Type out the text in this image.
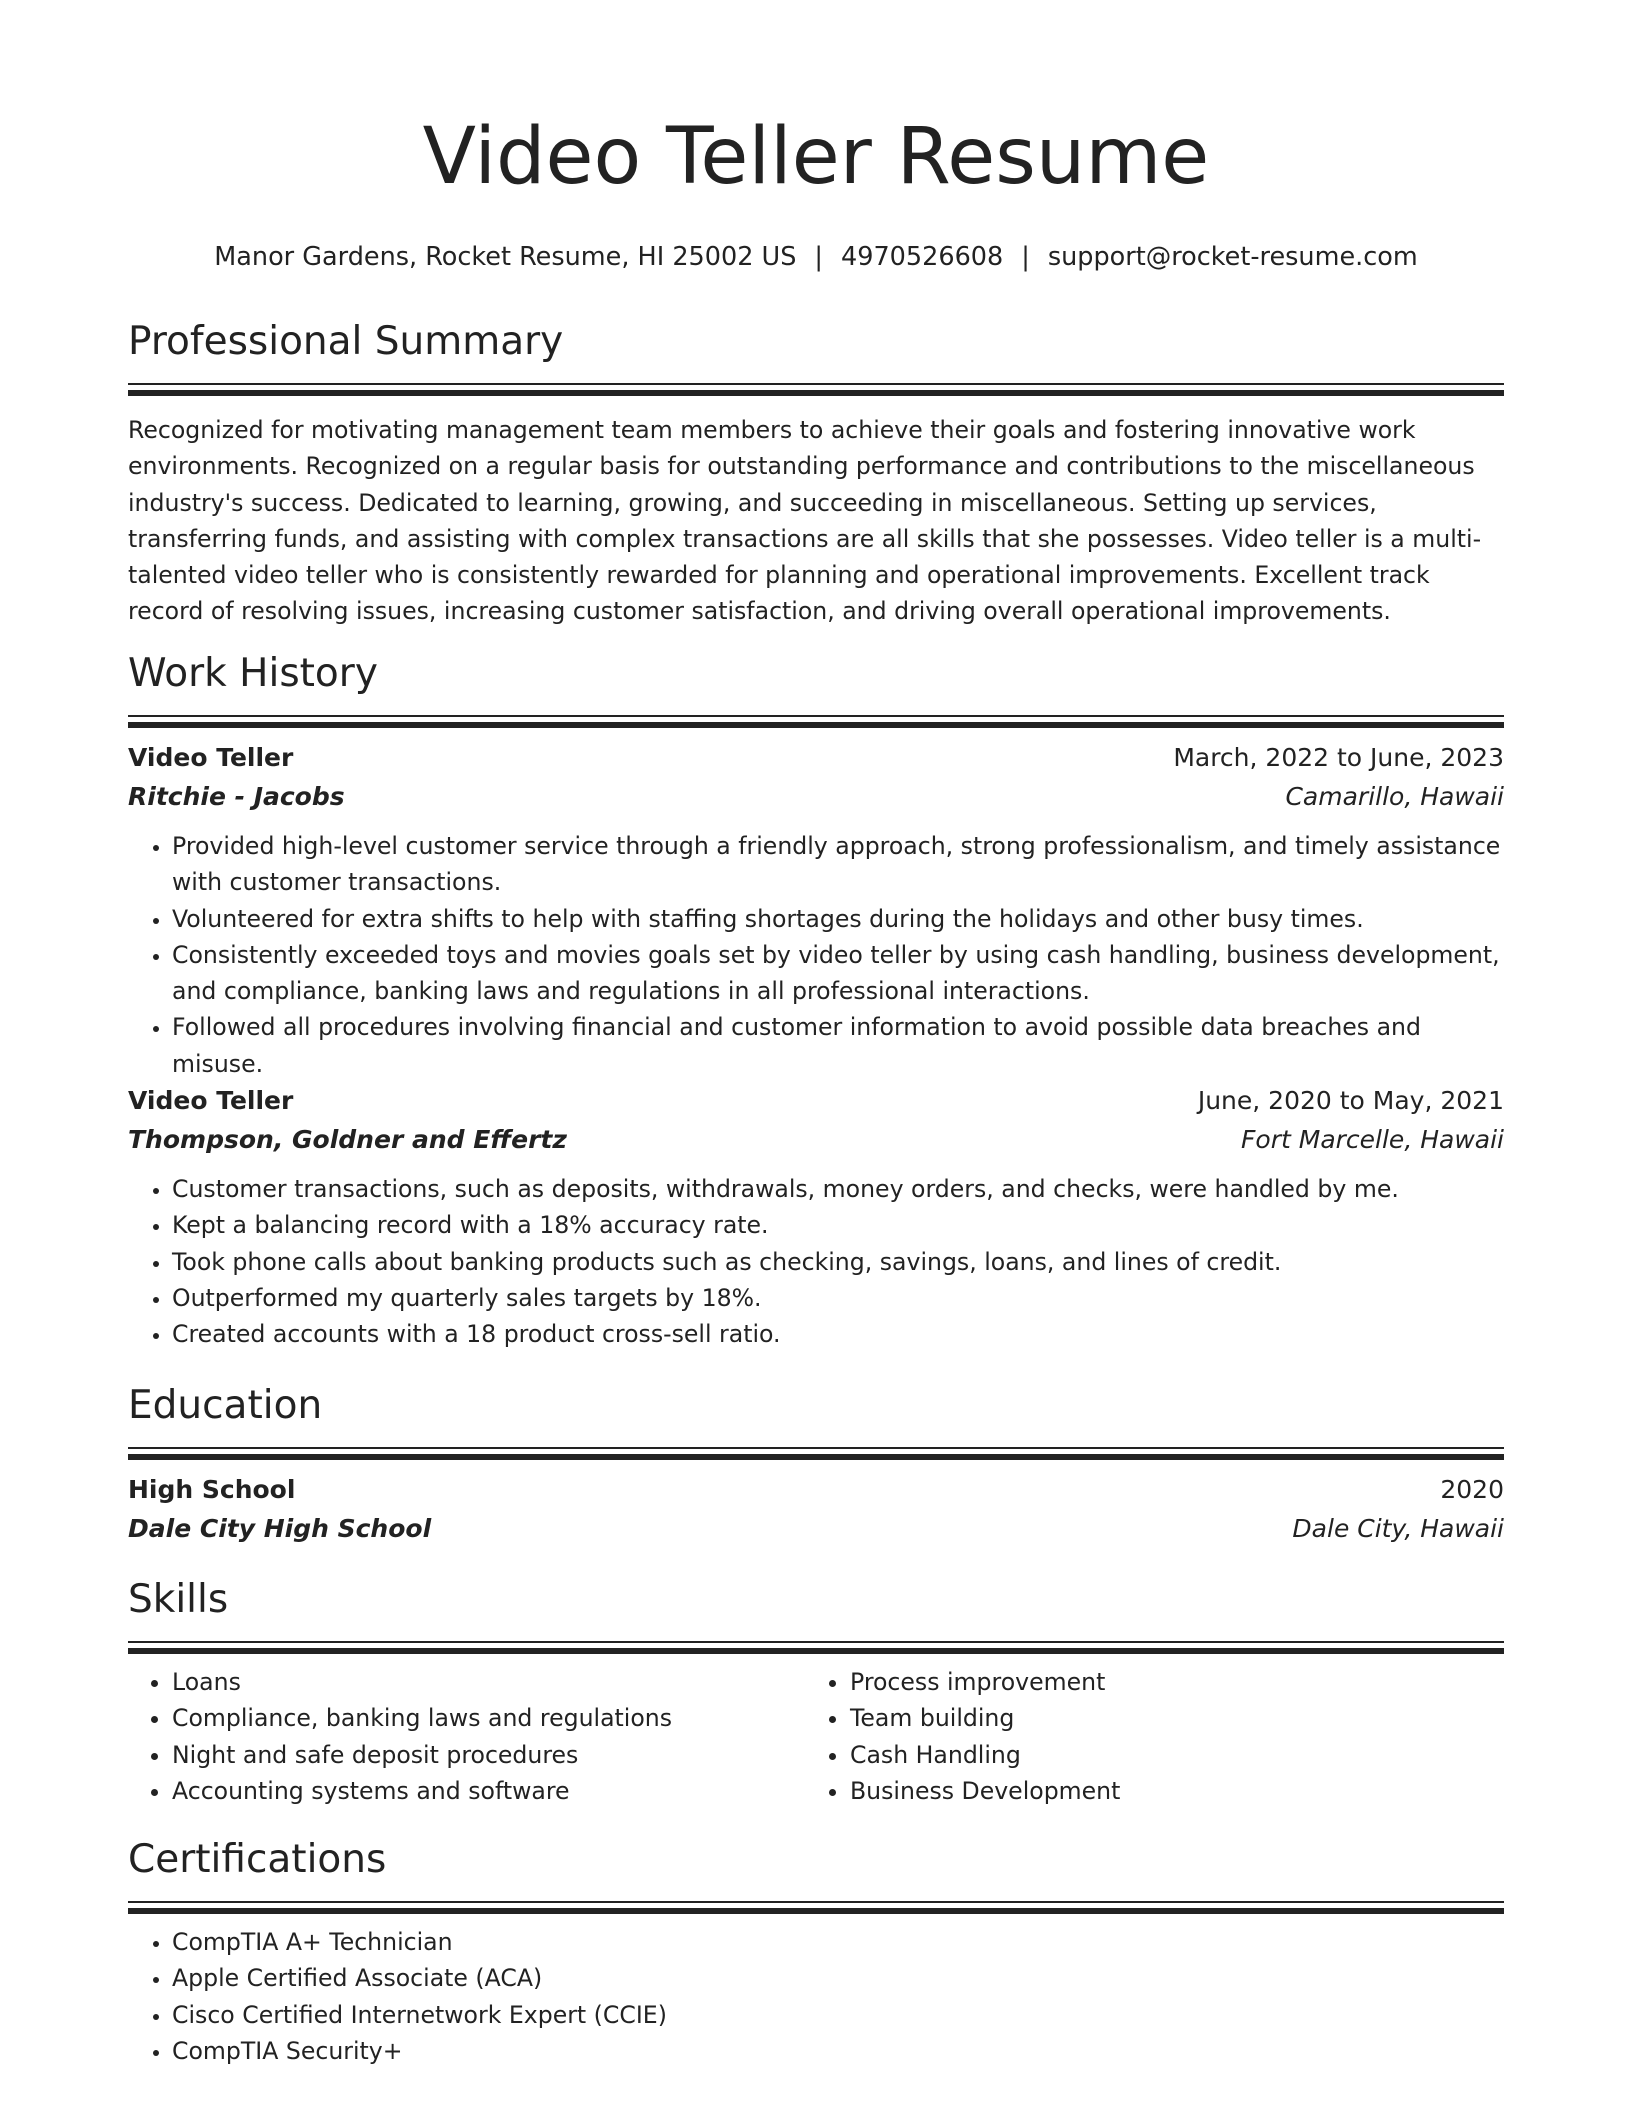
Video Teller Resume
Manor Gardens, Rocket Resume, HI 25002 US | 4970526608 | support@rocket-resume.com
Professional Summary
Recognized for motivating management team members to achieve their goals and fostering innovative work environments. Recognized on a regular basis for outstanding performance and contributions to the miscellaneous industry's success. Dedicated to learning, growing, and succeeding in miscellaneous. Setting up services, transferring funds, and assisting with complex transactions are all skills that she possesses. Video teller is a multi-talented video teller who is consistently rewarded for planning and operational improvements. Excellent track record of resolving issues, increasing customer satisfaction, and driving overall operational improvements.
Work History
Video Teller	March, 2022 to June, 2023
Ritchie - Jacobs	Camarillo, Hawaii
• Provided high-level customer service through a friendly approach, strong professionalism, and timely assistance with customer transactions.
• Volunteered for extra shifts to help with staffing shortages during the holidays and other busy times.
• Consistently exceeded toys and movies goals set by video teller by using cash handling, business development, and compliance, banking laws and regulations in all professional interactions.
• Followed all procedures involving financial and customer information to avoid possible data breaches and misuse.
Video Teller	June, 2020 to May, 2021
Thompson, Goldner and Effertz	Fort Marcelle, Hawaii
• Customer transactions, such as deposits, withdrawals, money orders, and checks, were handled by me.
• Kept a balancing record with a 18% accuracy rate.
• Took phone calls about banking products such as checking, savings, loans, and lines of credit.
• Outperformed my quarterly sales targets by 18%.
• Created accounts with a 18 product cross-sell ratio.
Education
High School	2020
Dale City High School	Dale City, Hawaii
Skills
• Loans
• Compliance, banking laws and regulations
• Night and safe deposit procedures
• Accounting systems and software
• Process improvement
• Team building
• Cash Handling
• Business Development
Certifications
• CompTIA A+ Technician
• Apple Certified Associate (ACA)
• Cisco Certified Internetwork Expert (CCIE)
• CompTIA Security+
